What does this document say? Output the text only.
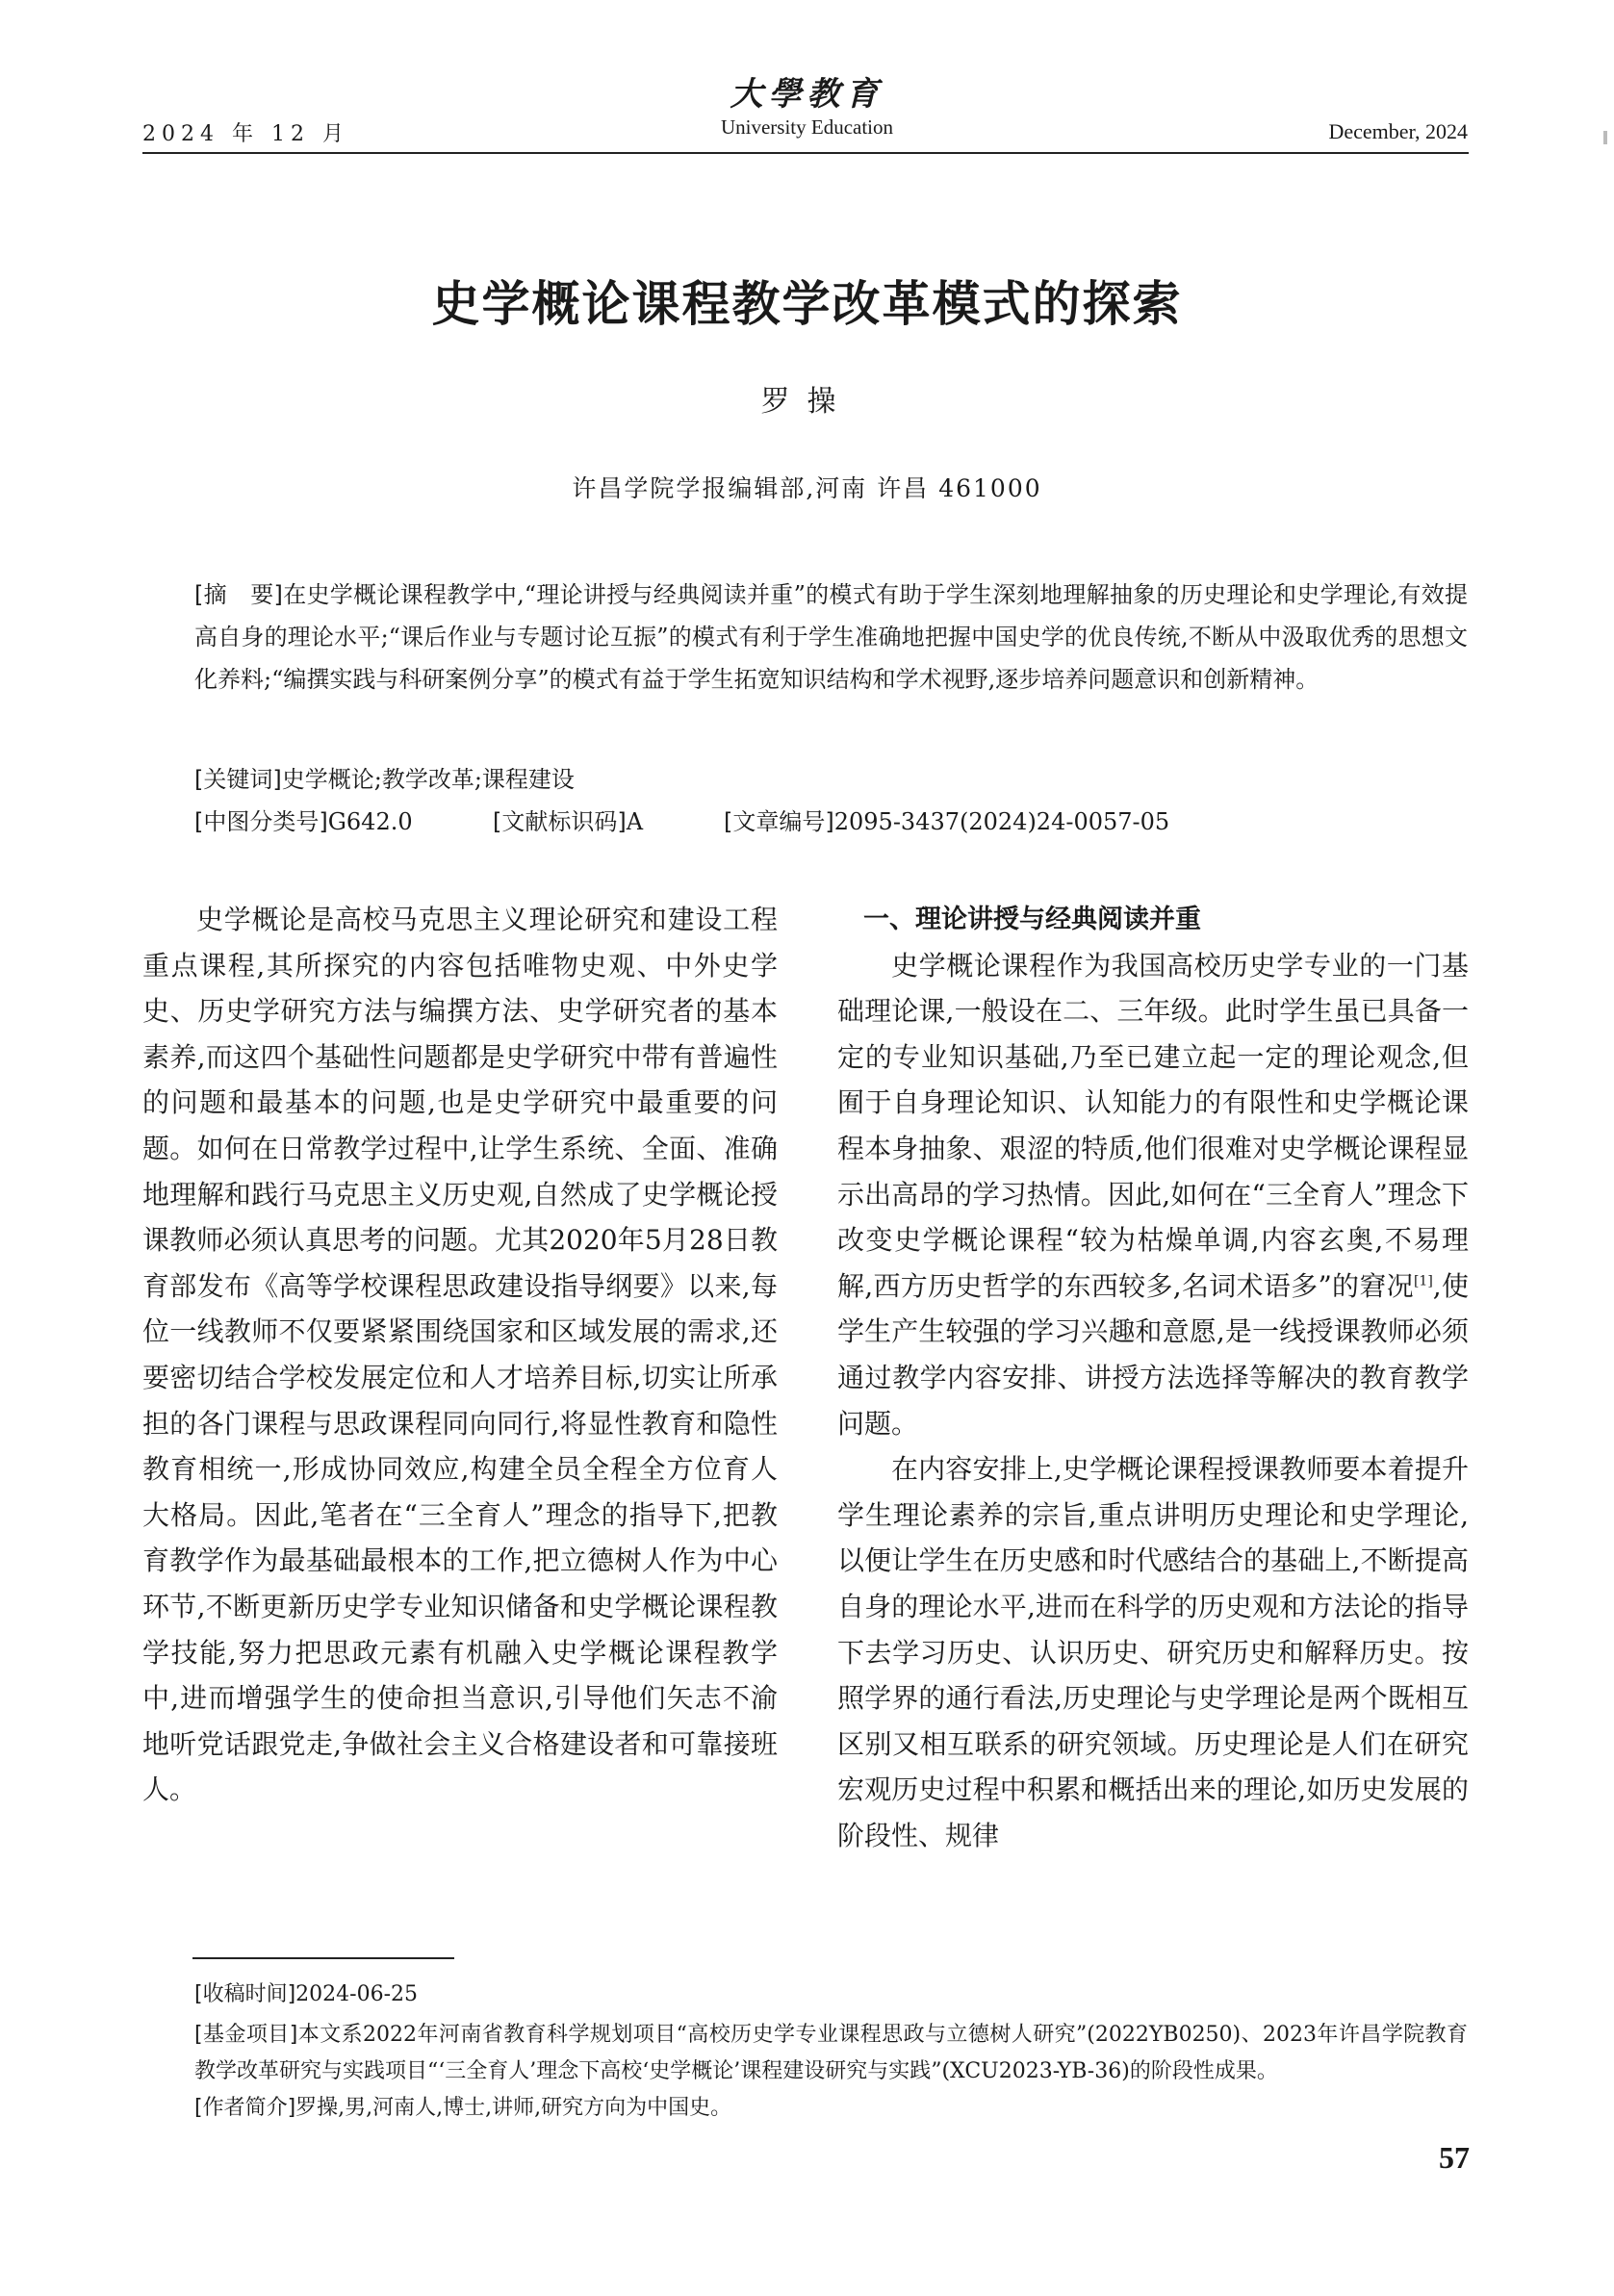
2024 年 12 月
大學教育
University Education	December, 2024
史学概论课程教学改革模式的探索
罗操
许昌学院学报编辑部,河南 许昌 461000
[摘　要]在史学概论课程教学中,“理论讲授与经典阅读并重”的模式有助于学生深刻地理解抽象的历史理论和史学理论,有效提高自身的理论水平;“课后作业与专题讨论互振”的模式有利于学生准确地把握中国史学的优良传统,不断从中汲取优秀的思想文化养料;“编撰实践与科研案例分享”的模式有益于学生拓宽知识结构和学术视野,逐步培养问题意识和创新精神。
[关键词]史学概论;教学改革;课程建设
[中图分类号]G642.0	[文献标识码]A	[文章编号]2095-3437(2024)24-0057-05

史学概论是高校马克思主义理论研究和建设工程重点课程,其所探究的内容包括唯物史观、中外史学史、历史学研究方法与编撰方法、史学研究者的基本素养,而这四个基础性问题都是史学研究中带有普遍性的问题和最基本的问题,也是史学研究中最重要的问题。如何在日常教学过程中,让学生系统、全面、准确地理解和践行马克思主义历史观,自然成了史学概论授课教师必须认真思考的问题。尤其2020年5月28日教育部发布《高等学校课程思政建设指导纲要》以来,每位一线教师不仅要紧紧围绕国家和区域发展的需求,还要密切结合学校发展定位和人才培养目标,切实让所承担的各门课程与思政课程同向同行,将显性教育和隐性教育相统一,形成协同效应,构建全员全程全方位育人大格局。因此,笔者在“三全育人”理念的指导下,把教育教学作为最基础最根本的工作,把立德树人作为中心环节,不断更新历史学专业知识储备和史学概论课程教学技能,努力把思政元素有机融入史学概论课程教学中,进而增强学生的使命担当意识,引导他们矢志不渝地听党话跟党走,争做社会主义合格建设者和可靠接班人。

一、理论讲授与经典阅读并重

史学概论课程作为我国高校历史学专业的一门基础理论课,一般设在二、三年级。此时学生虽已具备一定的专业知识基础,乃至已建立起一定的理论观念,但囿于自身理论知识、认知能力的有限性和史学概论课程本身抽象、艰涩的特质,他们很难对史学概论课程显示出高昂的学习热情。因此,如何在“三全育人”理念下改变史学概论课程“较为枯燥单调,内容玄奥,不易理解,西方历史哲学的东西较多,名词术语多”的窘况[1],使学生产生较强的学习兴趣和意愿,是一线授课教师必须通过教学内容安排、讲授方法选择等解决的教育教学问题。

在内容安排上,史学概论课程授课教师要本着提升学生理论素养的宗旨,重点讲明历史理论和史学理论,以便让学生在历史感和时代感结合的基础上,不断提高自身的理论水平,进而在科学的历史观和方法论的指导下去学习历史、认识历史、研究历史和解释历史。按照学界的通行看法,历史理论与史学理论是两个既相互区别又相互联系的研究领域。历史理论是人们在研究宏观历史过程中积累和概括出来的理论,如历史发展的阶段性、规律

[收稿时间]2024-06-25
[基金项目]本文系2022年河南省教育科学规划项目“高校历史学专业课程思政与立德树人研究”(2022YB0250)、2023年许昌学院教育教学改革研究与实践项目“‘三全育人’理念下高校‘史学概论’课程建设研究与实践”(XCU2023-YB-36)的阶段性成果。
[作者简介]罗操,男,河南人,博士,讲师,研究方向为中国史。
57
